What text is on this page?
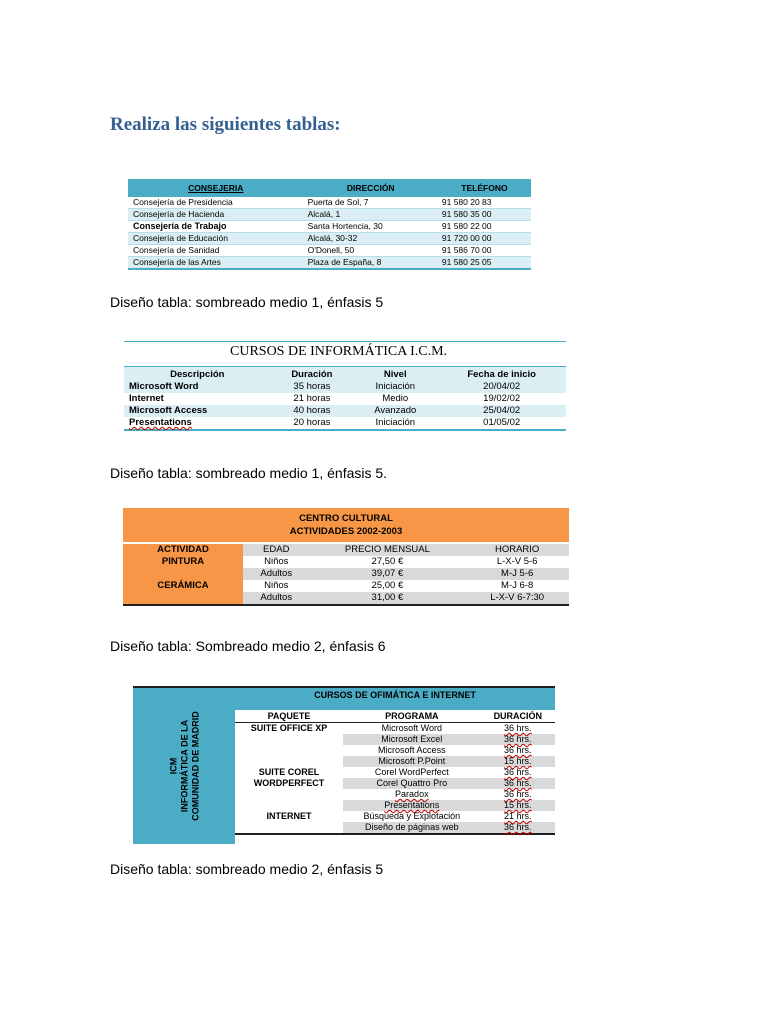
Realiza las siguientes tablas:
CONSEJERIA	DIRECCIÓN	TELÉFONO
Consejería de Presidencia	Puerta de Sol, 7	91 580 20 83
Consejería de Hacienda	Alcalá, 1	91 580 35 00
Consejería de Trabajo	Santa Hortencia, 30	91 580 22 00
Consejería de Educación	Alcalá, 30-32	91 720 00 00
Consejería de Sanidad	O'Donell, 50	91 586 70 00
Consejería de las Artes	Plaza de España, 8	91 580 25 05
Diseño tabla: sombreado medio 1, énfasis 5
CURSOS DE INFORMÁTICA I.C.M.
Descripción	Duración	Nivel	Fecha de inicio
Microsoft Word	35 horas	Iniciación	20/04/02
Internet	21 horas	Medio	19/02/02
Microsoft Access	40 horas	Avanzado	25/04/02
Presentations	20 horas	Iniciación	01/05/02
Diseño tabla: sombreado medio 1, énfasis 5.
CENTRO CULTURAL
ACTIVIDADES 2002-2003			

ACTIVIDAD	EDAD	PRECIO MENSUAL	HORARIO
PINTURA	Niños	27,50 €	L-X-V 5-6
	Adultos	39,07 €	M-J 5-6
CERÁMICA	Niños	25,00 €	M-J 6-8
	Adultos	31,00 €	L-X-V 6-7:30
Diseño tabla: Sombreado medio 2, énfasis 6
ICM INFORMÁTICA DE LA COMUNIDAD DE MADRID
CURSOS DE OFIMÁTICA E INTERNET
PAQUETE	PROGRAMA	DURACIÓN
SUITE OFFICE XP	Microsoft Word	36 hrs.
	Microsoft Excel	36 hrs.
	Microsoft Access	36 hrs.
	Microsoft P.Point	15 hrs.
SUITE COREL	Corel WordPerfect	36 hrs.
WORDPERFECT	Corel Quattro Pro	36 hrs.
	Paradox	36 hrs.
	Presentations	15 hrs.
INTERNET	Búsqueda y Explotación	21 hrs.
	Diseño de páginas web	36 hrs.
Diseño tabla: sombreado medio 2, énfasis 5
